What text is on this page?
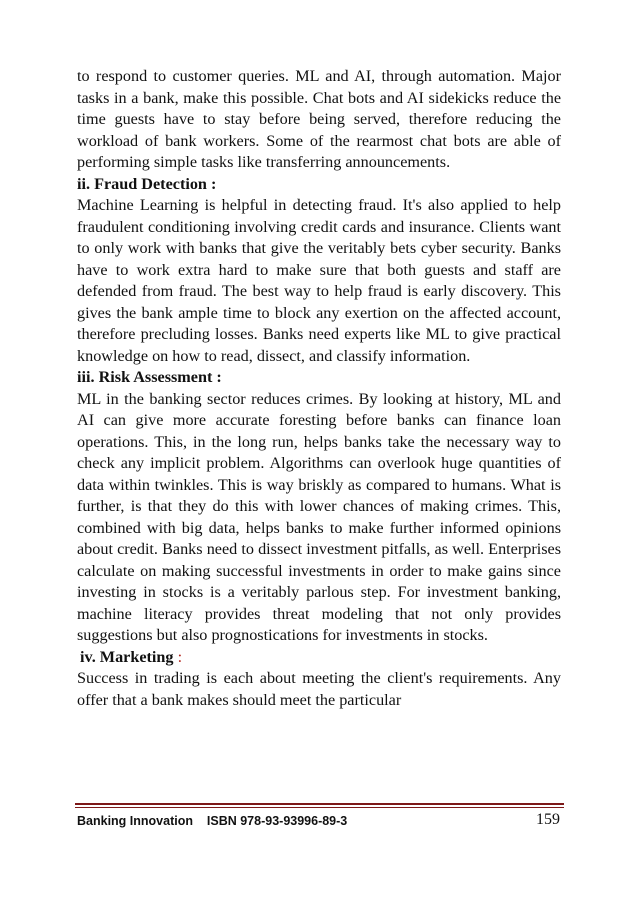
to respond to customer queries. ML and AI, through automation. Major tasks in a bank, make this possible. Chat bots and AI sidekicks reduce the time guests have to stay before being served, therefore reducing the workload of bank workers. Some of the rearmost chat bots are able of performing simple tasks like transferring announcements.

ii. Fraud Detection :

Machine Learning is helpful in detecting fraud. It's also applied to help fraudulent conditioning involving credit cards and insurance. Clients want to only work with banks that give the veritably bets cyber security. Banks have to work extra hard to make sure that both guests and staff are defended from fraud. The best way to help fraud is early discovery. This gives the bank ample time to block any exertion on the affected account, therefore precluding losses. Banks need experts like ML to give practical knowledge on how to read, dissect, and classify information.

iii. Risk Assessment :

ML in the banking sector reduces crimes. By looking at history, ML and AI can give more accurate foresting before banks can finance loan operations. This, in the long run, helps banks take the necessary way to check any implicit problem. Algorithms can overlook huge quantities of data within twinkles. This is way briskly as compared to humans. What is further, is that they do this with lower chances of making crimes. This, combined with big data, helps banks to make further informed opinions about credit. Banks need to dissect investment pitfalls, as well. Enterprises calculate on making successful investments in order to make gains since investing in stocks is a veritably parlous step. For investment banking, machine literacy provides threat modeling that not only provides suggestions but also prognostications for investments in stocks.

iv. Marketing :

Success in trading is each about meeting the client's requirements. Any offer that a bank makes should meet the particular

Banking Innovation ISBN 978-93-93996-89-3	159
